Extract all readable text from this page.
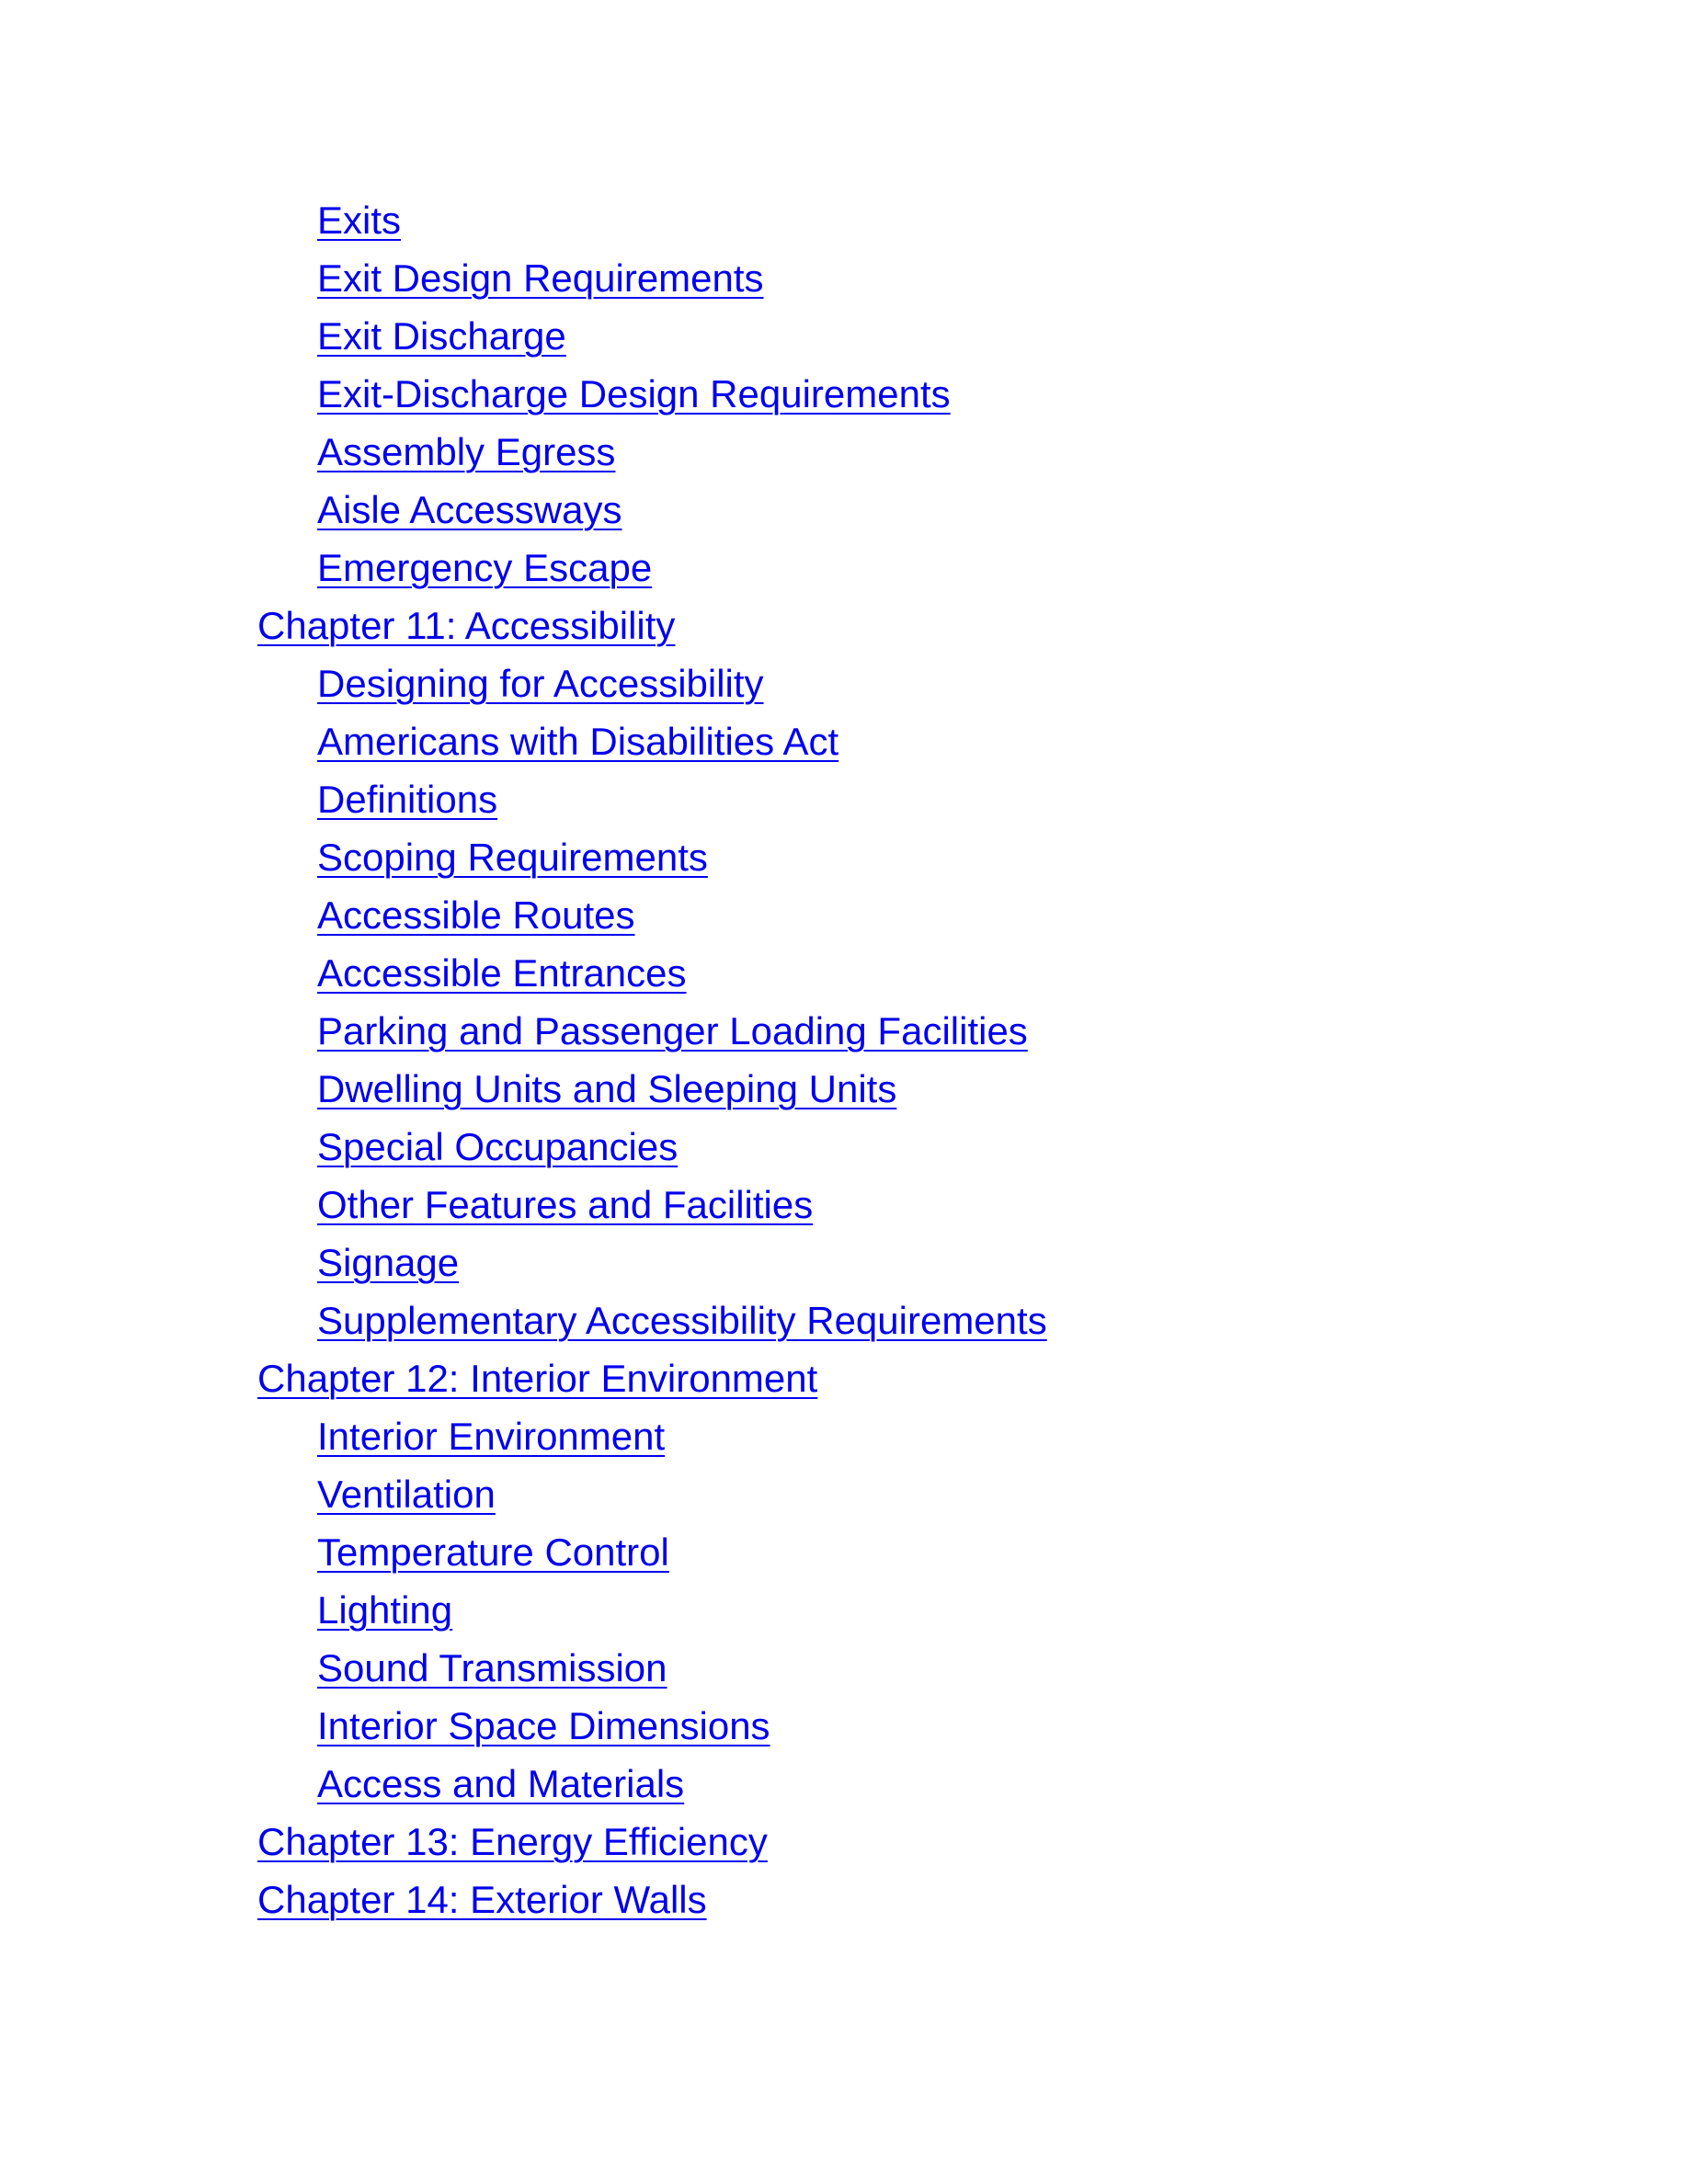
Exits
Exit Design Requirements
Exit Discharge
Exit-Discharge Design Requirements
Assembly Egress
Aisle Accessways
Emergency Escape
Chapter 11: Accessibility
Designing for Accessibility
Americans with Disabilities Act
Definitions
Scoping Requirements
Accessible Routes
Accessible Entrances
Parking and Passenger Loading Facilities
Dwelling Units and Sleeping Units
Special Occupancies
Other Features and Facilities
Signage
Supplementary Accessibility Requirements
Chapter 12: Interior Environment
Interior Environment
Ventilation
Temperature Control
Lighting
Sound Transmission
Interior Space Dimensions
Access and Materials
Chapter 13: Energy Efficiency
Chapter 14: Exterior Walls
